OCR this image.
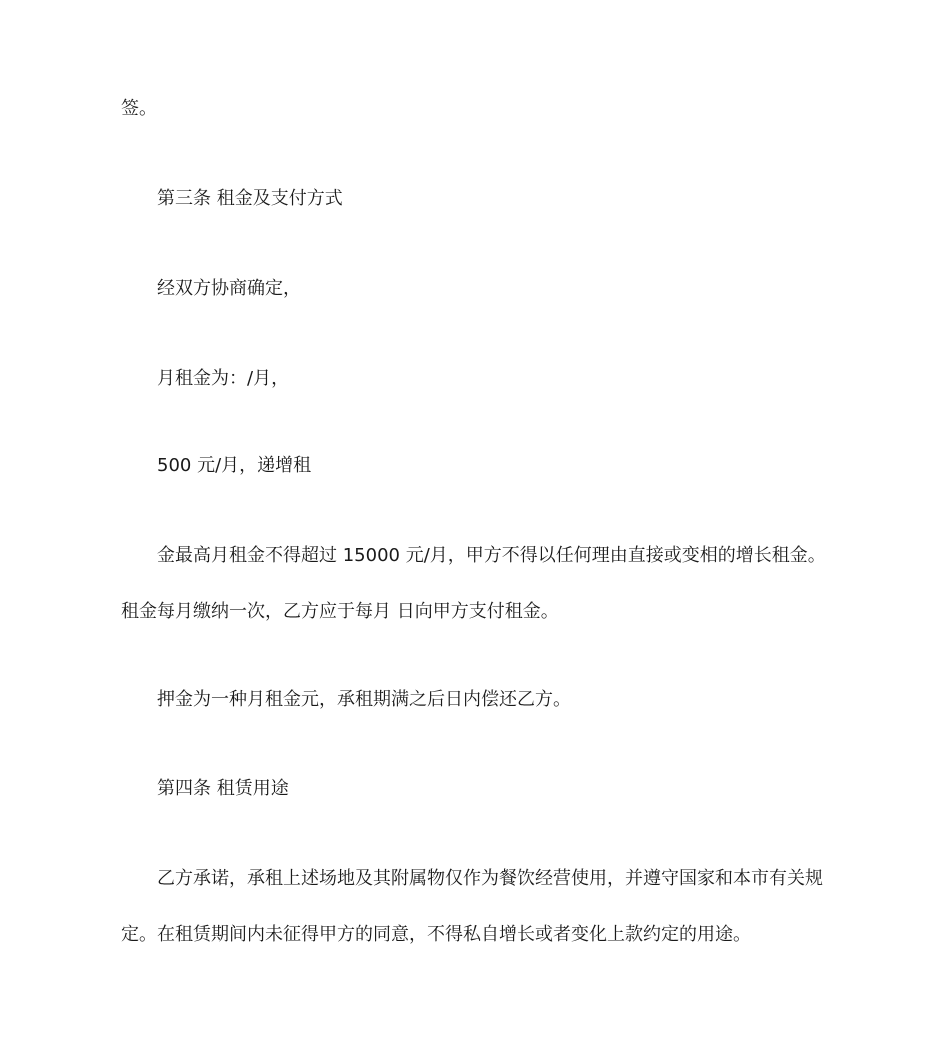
签。
第三条 租金及支付方式
经双方协商确定，
月租金为：/月，
500 元/月，递增租
金最高月租金不得超过 15000 元/月，甲方不得以任何理由直接或变相的增长租金。
租金每月缴纳一次，乙方应于每月 日向甲方支付租金。
押金为一种月租金元，承租期满之后日内偿还乙方。
第四条 租赁用途
乙方承诺，承租上述场地及其附属物仅作为餐饮经营使用，并遵守国家和本市有关规
定。在租赁期间内未征得甲方的同意，不得私自增长或者变化上款约定的用途。
